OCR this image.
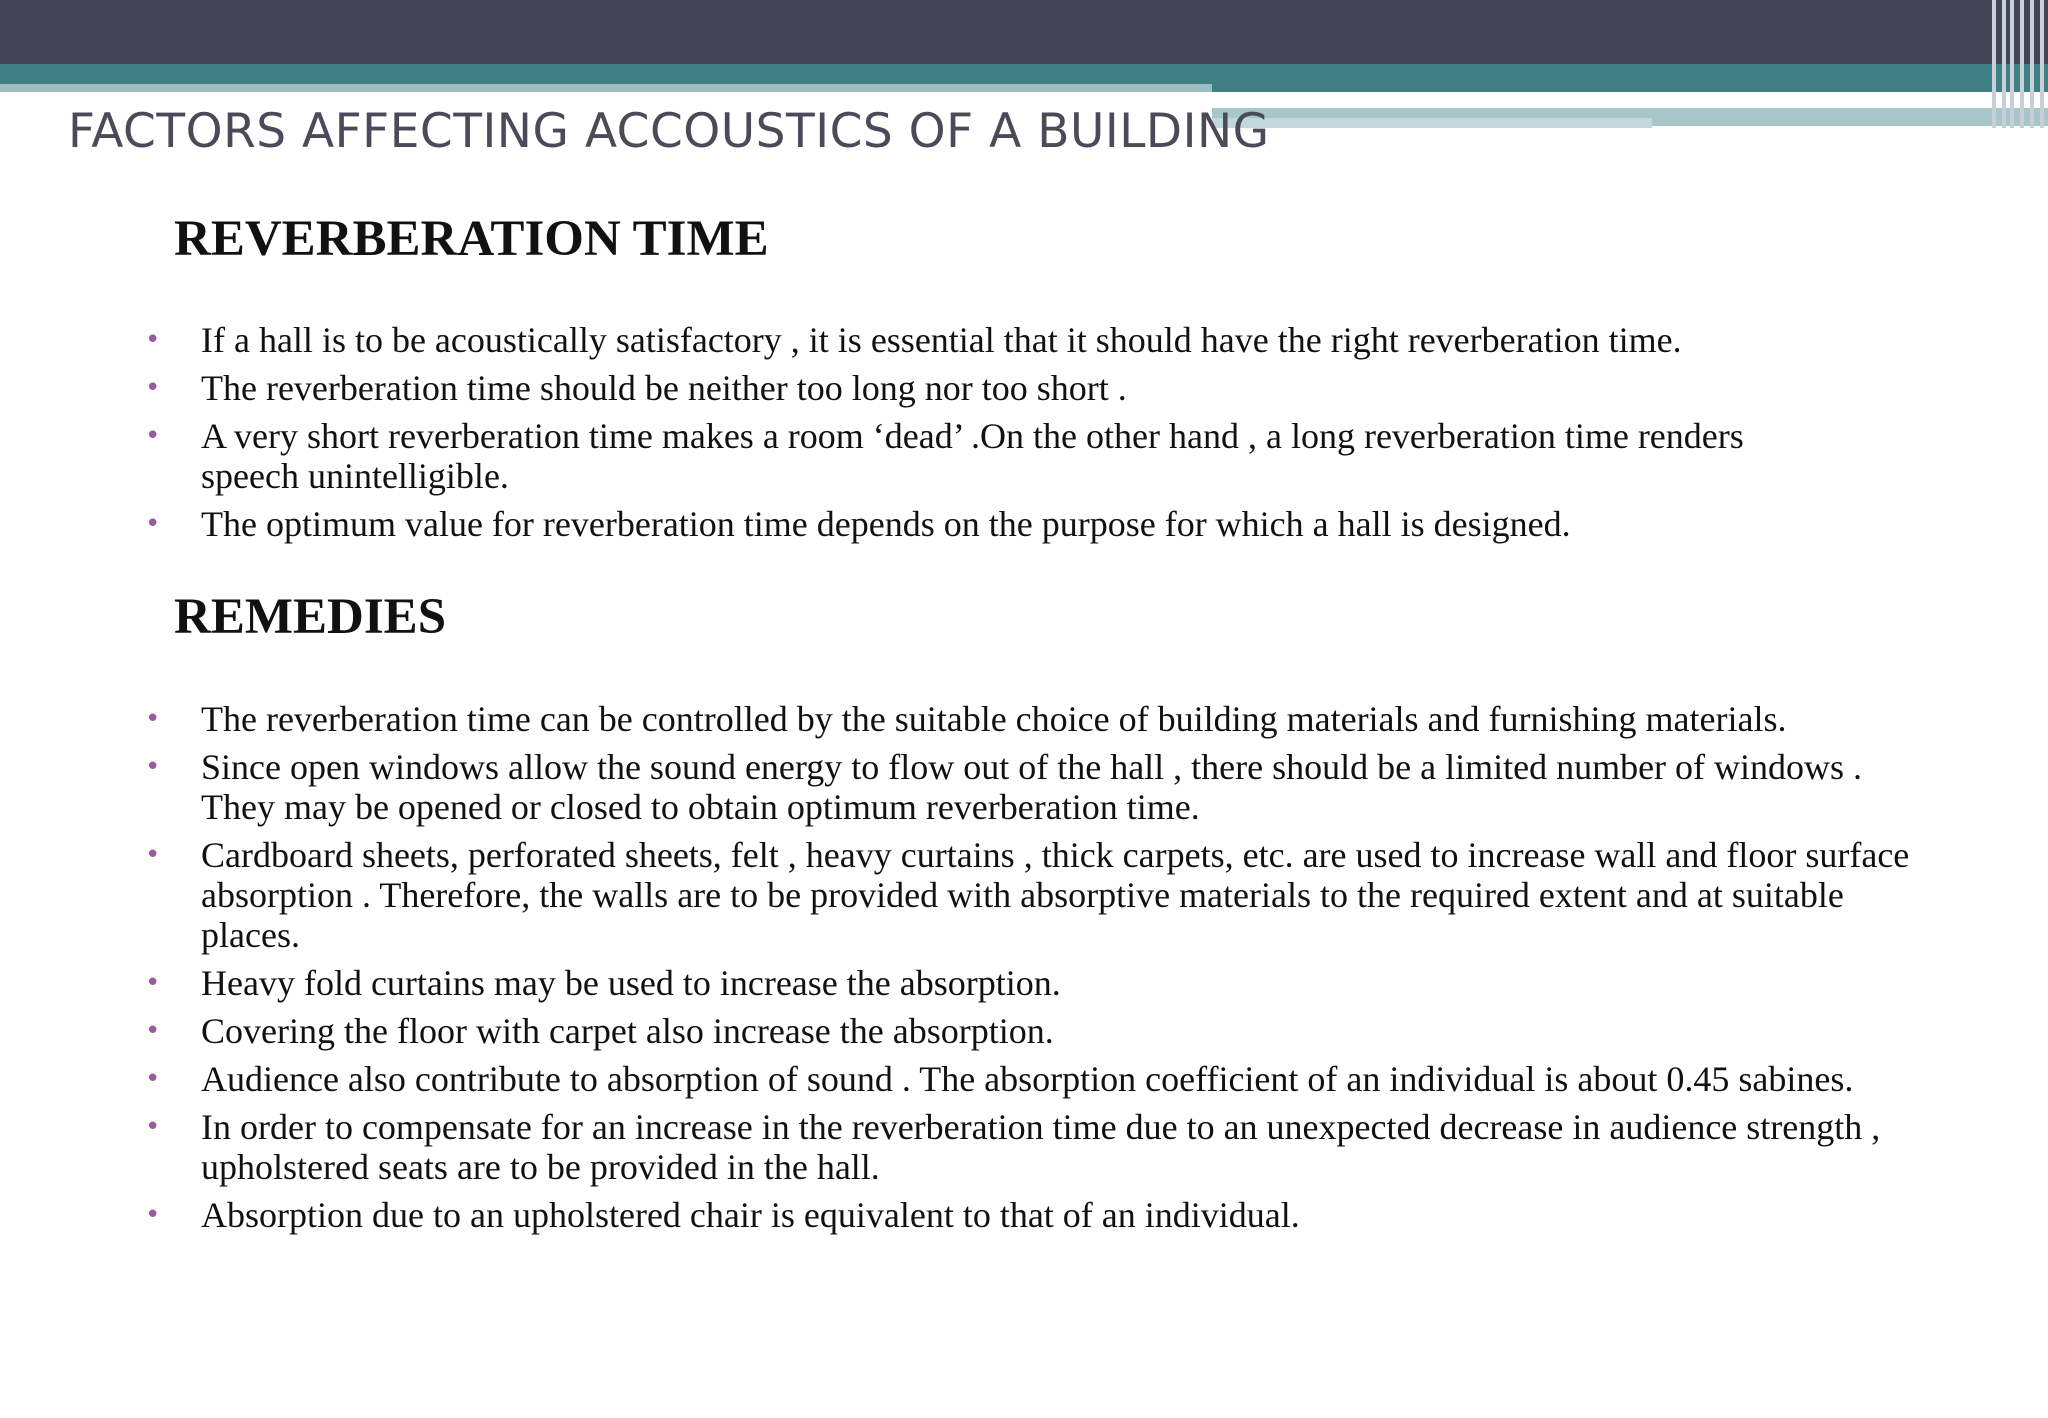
FACTORS AFFECTING ACCOUSTICS OF A BUILDING
REVERBERATION TIME
• If a hall is to be acoustically satisfactory , it is essential that it should have the right reverberation time.
• The reverberation time should be neither too long nor too short .
• A very short reverberation time makes a room ‘dead’ .On the other hand , a long reverberation time renders speech unintelligible.
• The optimum value for reverberation time depends on the purpose for which a hall is designed.
REMEDIES
• The reverberation time can be controlled by the suitable choice of building materials and furnishing materials.
• Since open windows allow the sound energy to flow out of the hall , there should be a limited number of windows . They may be opened or closed to obtain optimum reverberation time.
• Cardboard sheets, perforated sheets, felt , heavy curtains , thick carpets, etc. are used to increase wall and floor surface absorption . Therefore, the walls are to be provided with absorptive materials to the required extent and at suitable places.
• Heavy fold curtains may be used to increase the absorption.
• Covering the floor with carpet also increase the absorption.
• Audience also contribute to absorption of sound . The absorption coefficient of an individual is about 0.45 sabines.
• In order to compensate for an increase in the reverberation time due to an unexpected decrease in audience strength , upholstered seats are to be provided in the hall.
• Absorption due to an upholstered chair is equivalent to that of an individual.
